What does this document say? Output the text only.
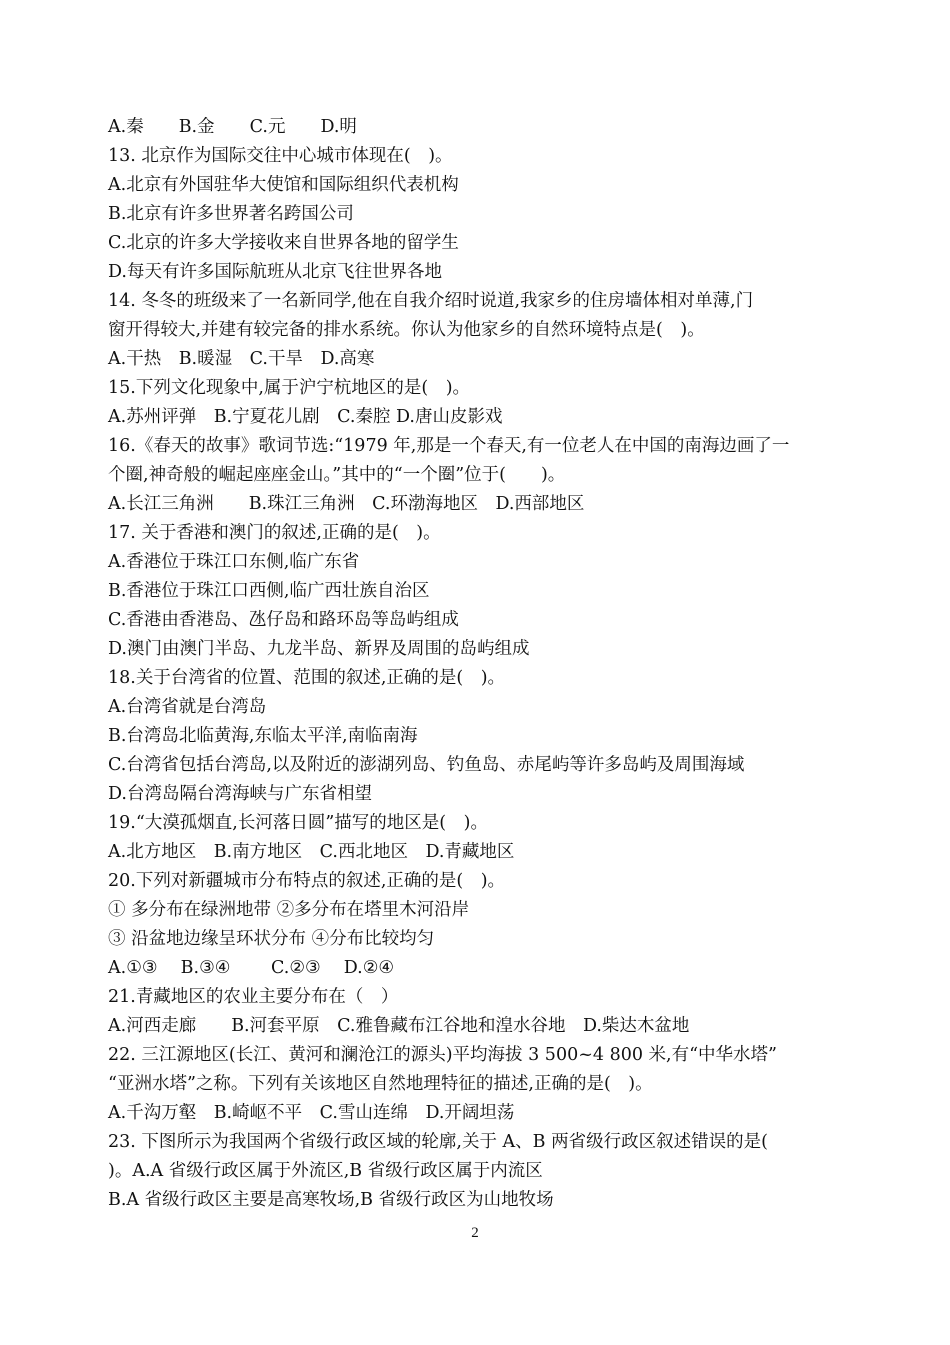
A.秦　　B.金　　C.元　　D.明
13. 北京作为国际交往中心城市体现在(　)。
A.北京有外国驻华大使馆和国际组织代表机构
B.北京有许多世界著名跨国公司
C.北京的许多大学接收来自世界各地的留学生
D.每天有许多国际航班从北京飞往世界各地
14. 冬冬的班级来了一名新同学,他在自我介绍时说道,我家乡的住房墙体相对单薄,门
窗开得较大,并建有较完备的排水系统。你认为他家乡的自然环境特点是(　)。
A.干热　B.暖湿　C.干旱　D.高寒
15.下列文化现象中,属于沪宁杭地区的是(　)。
A.苏州评弹　B.宁夏花儿剧　C.秦腔 D.唐山皮影戏
16.《春天的故事》歌词节选:“1979 年,那是一个春天,有一位老人在中国的南海边画了一
个圈,神奇般的崛起座座金山。”其中的“一个圈”位于(　　)。
A.长江三角洲　　B.珠江三角洲　C.环渤海地区　D.西部地区
17. 关于香港和澳门的叙述,正确的是(　)。
A.香港位于珠江口东侧,临广东省
B.香港位于珠江口西侧,临广西壮族自治区
C.香港由香港岛、氹仔岛和路环岛等岛屿组成
D.澳门由澳门半岛、九龙半岛、新界及周围的岛屿组成
18.关于台湾省的位置、范围的叙述,正确的是(　)。
A.台湾省就是台湾岛
B.台湾岛北临黄海,东临太平洋,南临南海
C.台湾省包括台湾岛,以及附近的澎湖列岛、钓鱼岛、赤尾屿等许多岛屿及周围海域
D.台湾岛隔台湾海峡与广东省相望
19.“大漠孤烟直,长河落日圆”描写的地区是(　)。
A.北方地区　B.南方地区　C.西北地区　D.青藏地区
20.下列对新疆城市分布特点的叙述,正确的是(　)。
① 多分布在绿洲地带 ②多分布在塔里木河沿岸
③ 沿盆地边缘呈环状分布 ④分布比较均匀
A.①③　 B.③④　　 C.②③　 D.②④
21.青藏地区的农业主要分布在（　）
A.河西走廊　　B.河套平原　C.雅鲁藏布江谷地和湟水谷地　D.柴达木盆地
22. 三江源地区(长江、黄河和澜沧江的源头)平均海拔 3 500~4 800 米,有“中华水塔”
“亚洲水塔”之称。下列有关该地区自然地理特征的描述,正确的是(　)。
A.千沟万壑　B.崎岖不平　C.雪山连绵　D.开阔坦荡
23. 下图所示为我国两个省级行政区域的轮廓,关于 A、B 两省级行政区叙述错误的是(
)。A.A 省级行政区属于外流区,B 省级行政区属于内流区
B.A 省级行政区主要是高寒牧场,B 省级行政区为山地牧场
2
